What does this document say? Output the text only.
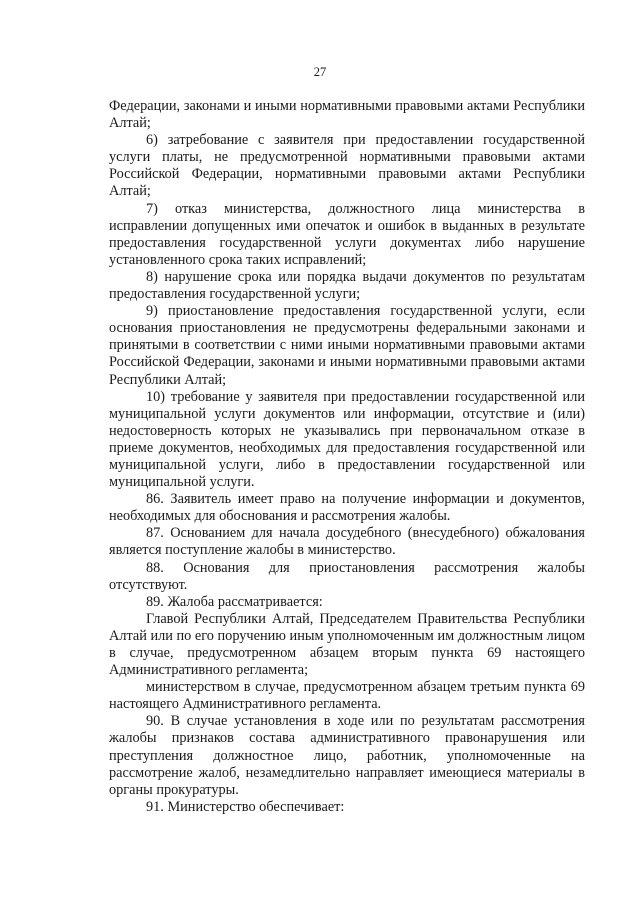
27

Федерации, законами и иными нормативными правовыми актами Республики Алтай;

6) затребование с заявителя при предоставлении государственной услуги платы, не предусмотренной нормативными правовыми актами Российской Федерации, нормативными правовыми актами Республики Алтай;

7) отказ министерства, должностного лица министерства в исправлении допущенных ими опечаток и ошибок в выданных в результате предоставления государственной услуги документах либо нарушение установленного срока таких исправлений;

8) нарушение срока или порядка выдачи документов по результатам предоставления государственной услуги;

9) приостановление предоставления государственной услуги, если основания приостановления не предусмотрены федеральными законами и принятыми в соответствии с ними иными нормативными правовыми актами Российской Федерации, законами и иными нормативными правовыми актами Республики Алтай;

10) требование у заявителя при предоставлении государственной или муниципальной услуги документов или информации, отсутствие и (или) недостоверность которых не указывались при первоначальном отказе в приеме документов, необходимых для предоставления государственной или муниципальной услуги, либо в предоставлении государственной или муниципальной услуги.

86. Заявитель имеет право на получение информации и документов, необходимых для обоснования и рассмотрения жалобы.

87. Основанием для начала досудебного (внесудебного) обжалования является поступление жалобы в министерство.

88. Основания для приостановления рассмотрения жалобы отсутствуют.

89. Жалоба рассматривается:

Главой Республики Алтай, Председателем Правительства Республики Алтай или по его поручению иным уполномоченным им должностным лицом в случае, предусмотренном абзацем вторым пункта 69 настоящего Административного регламента;

министерством в случае, предусмотренном абзацем третьим пункта 69 настоящего Административного регламента.

90. В случае установления в ходе или по результатам рассмотрения жалобы признаков состава административного правонарушения или преступления должностное лицо, работник, уполномоченные на рассмотрение жалоб, незамедлительно направляет имеющиеся материалы в органы прокуратуры.

91. Министерство обеспечивает:
